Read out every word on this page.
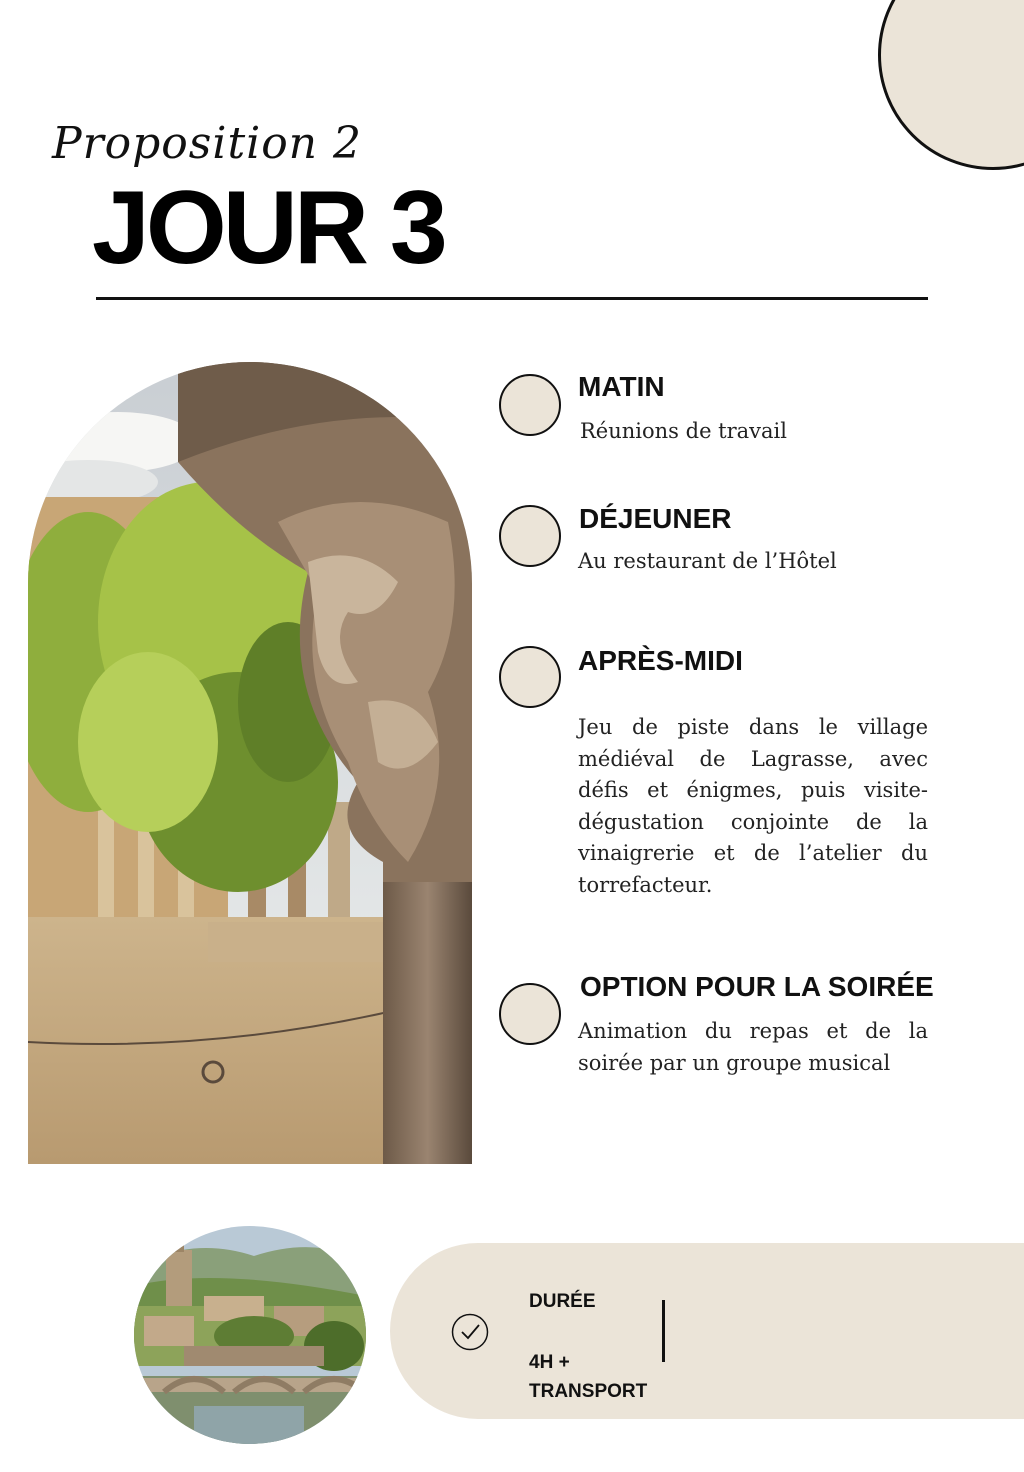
Proposition 2
JOUR 3
MATIN
Réunions de travail
DÉJEUNER
Au restaurant de l’Hôtel
APRÈS-MIDI
Jeu de piste dans le village médiéval de Lagrasse, avec défis et énigmes, puis visite-dégustation conjointe de la vinaigrerie et de l’atelier du torrefacteur.
OPTION POUR LA SOIRÉE
Animation du repas et de la soirée par un groupe musical
DURÉE
4H + TRANSPORT
